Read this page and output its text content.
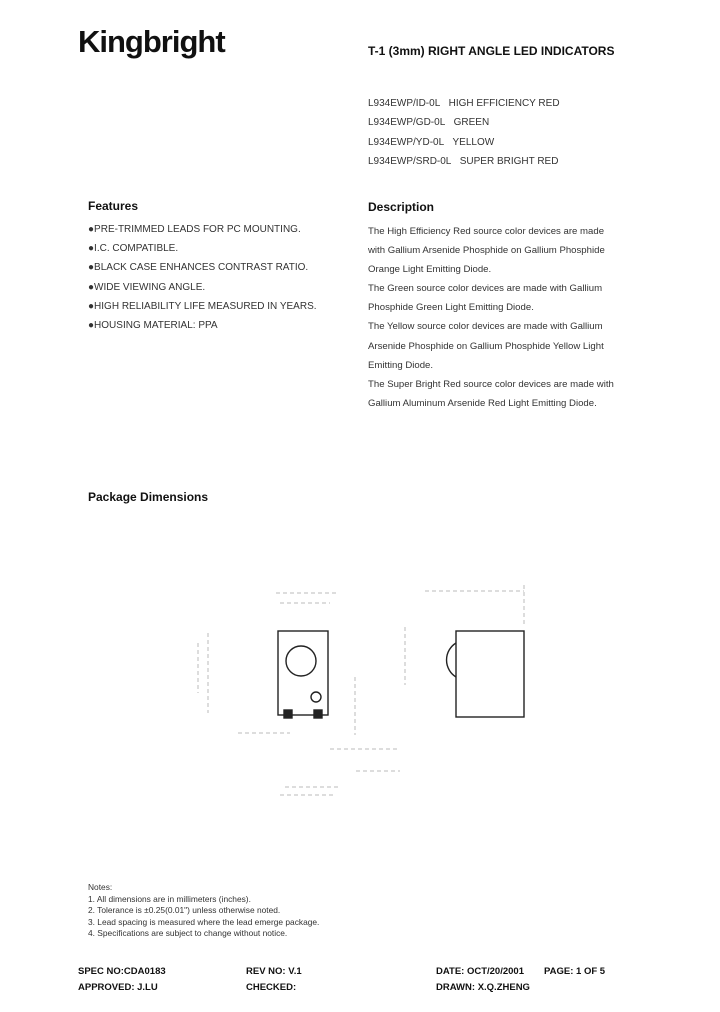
Kingbright	T-1 (3mm) RIGHT ANGLE LED INDICATORS
L934EWP/ID-0L HIGH EFFICIENCY RED
L934EWP/GD-0L GREEN
L934EWP/YD-0L YELLOW
L934EWP/SRD-0L SUPER BRIGHT RED
Features
●PRE-TRIMMED LEADS FOR PC MOUNTING.
●I.C. COMPATIBLE.
●BLACK CASE ENHANCES CONTRAST RATIO.
●WIDE VIEWING ANGLE.
●HIGH RELIABILITY LIFE MEASURED IN YEARS.
●HOUSING MATERIAL: PPA
Description
The High Efficiency Red source color devices are made
with Gallium Arsenide Phosphide on Gallium Phosphide
Orange Light Emitting Diode.
The Green source color devices are made with Gallium
Phosphide Green Light Emitting Diode.
The Yellow source color devices are made with Gallium
Arsenide Phosphide on Gallium Phosphide Yellow Light
Emitting Diode.
The Super Bright Red source color devices are made with
Gallium Aluminum Arsenide Red Light Emitting Diode.
Package Dimensions
Notes:
1. All dimensions are in millimeters (inches).
2. Tolerance is ±0.25(0.01") unless otherwise noted.
3. Lead spacing is measured where the lead emerge package.
4. Specifications are subject to change without notice.
SPEC NO:CDA0183	REV NO: V.1	DATE: OCT/20/2001 PAGE: 1 OF 5
APPROVED: J.LU	CHECKED:	DRAWN: X.Q.ZHENG
